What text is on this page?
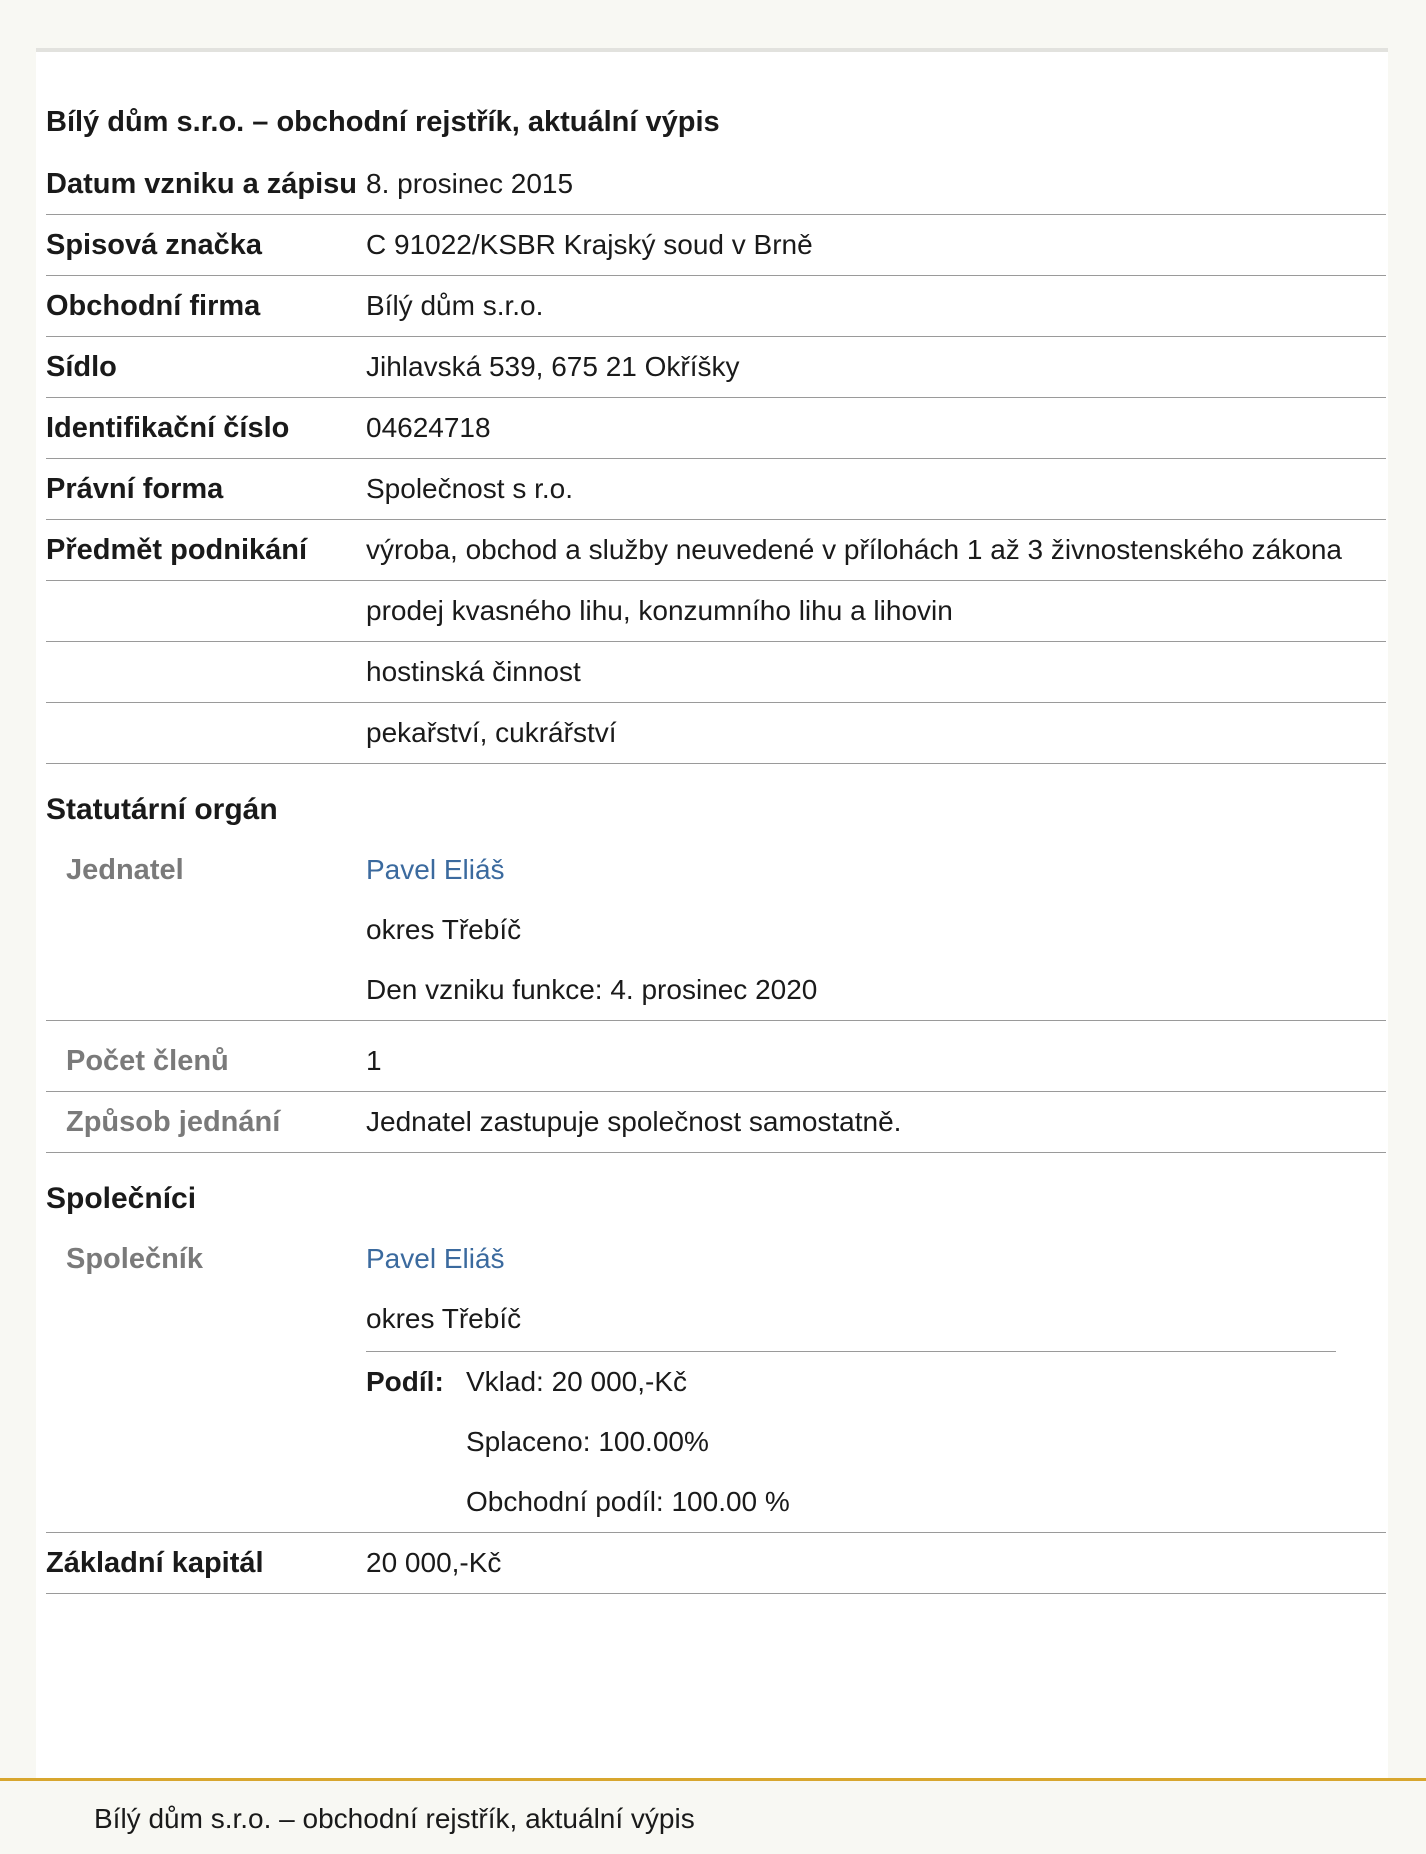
Bílý dům s.r.o. – obchodní rejstřík, aktuální výpis
Datum vzniku a zápisu 8. prosinec 2015
Spisová značka	C 91022/KSBR Krajský soud v Brně
Obchodní firma	Bílý dům s.r.o.
Sídlo	Jihlavská 539, 675 21 Okříšky
Identifikační číslo	04624718
Právní forma	Společnost s r.o.
Předmět podnikání	výroba, obchod a služby neuvedené v přílohách 1 až 3 živnostenského zákona
prodej kvasného lihu, konzumního lihu a lihovin
hostinská činnost
pekařství, cukrářství
Statutární orgán
Jednatel	Pavel Eliáš
okres Třebíč
Den vzniku funkce: 4. prosinec 2020
Počet členů	1
Způsob jednání	Jednatel zastupuje společnost samostatně.
Společníci
Společník	Pavel Eliáš
okres Třebíč
Podíl: Vklad: 20 000,-Kč
Splaceno: 100.00%
Obchodní podíl: 100.00 %
Základní kapitál	20 000,-Kč
Bílý dům s.r.o. – obchodní rejstřík, aktuální výpis
